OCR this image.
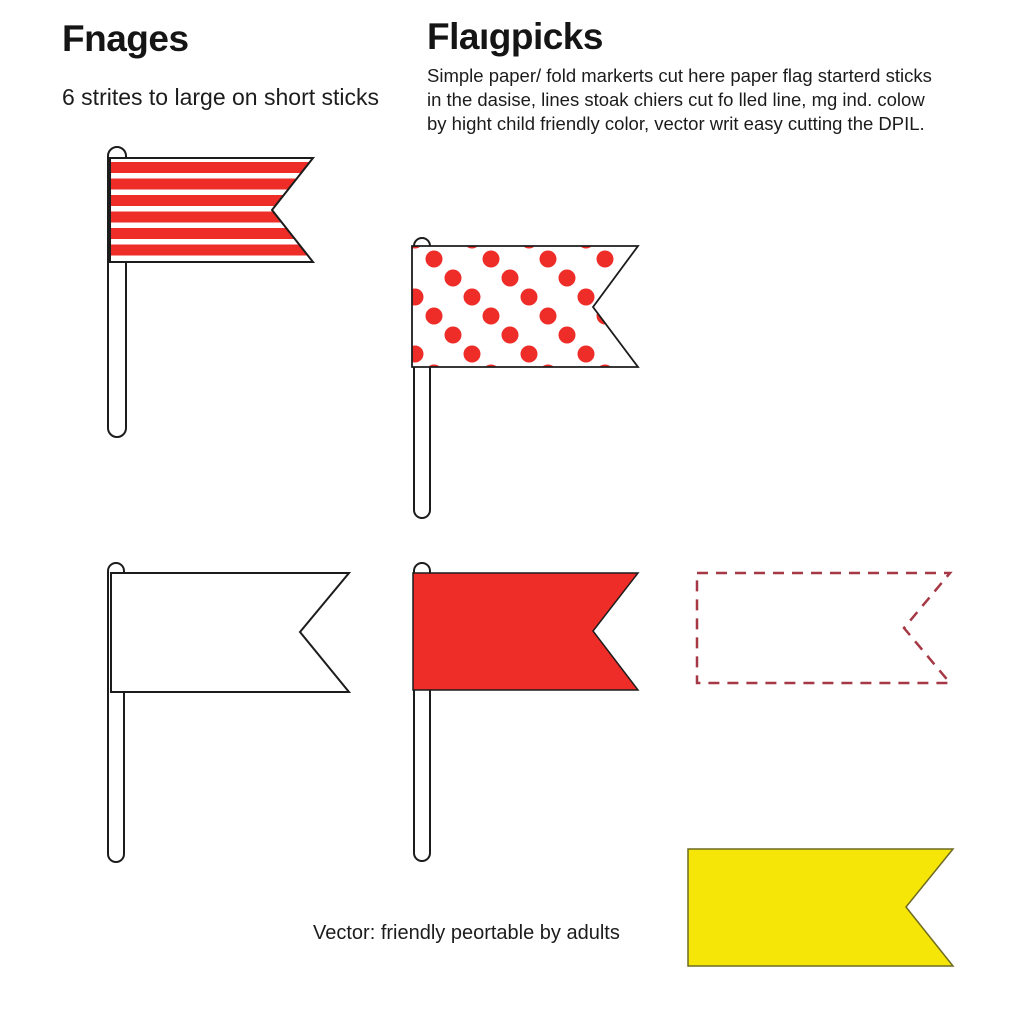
Fnages
6 strites to large on short sticks
Flaıgpicks
Simple paper/ fold markerts cut here paper flag starterd sticks
in the dasise, lines stoak chiers cut fo lled line, mg ind. colow
by hight child friendly color, vector writ easy cutting the DPIL.
Vector: friendly peortable by adults
